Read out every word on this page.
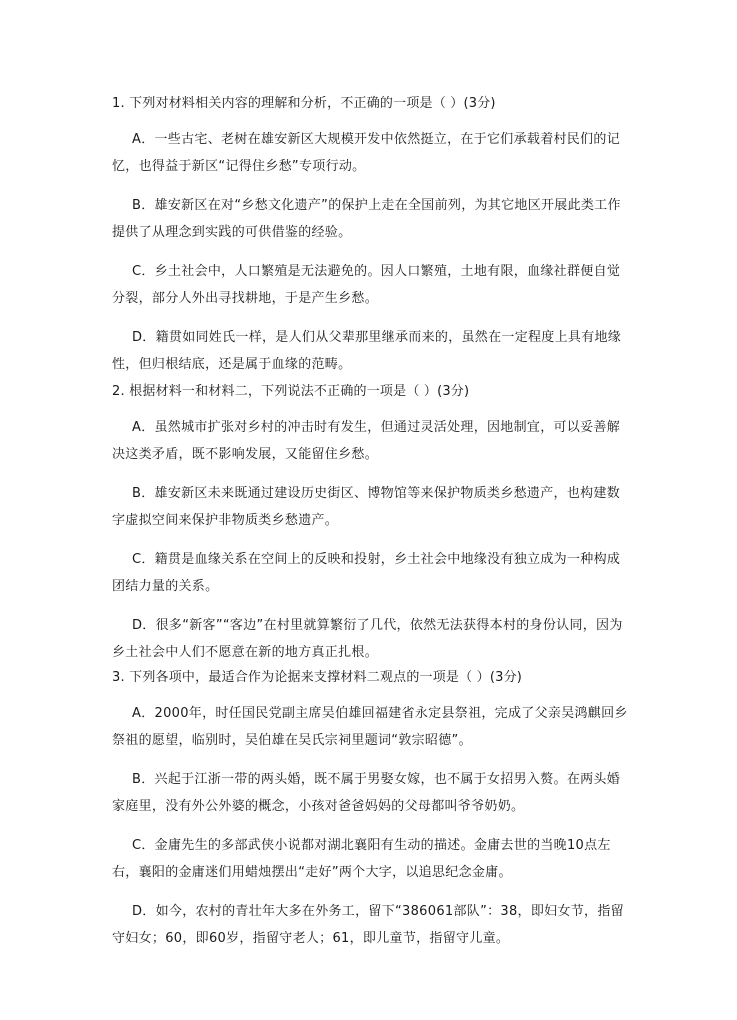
1. 下列对材料相关内容的理解和分析，不正确的一项是（ ）(3分)
A．一些古宅、老树在雄安新区大规模开发中依然挺立，在于它们承载着村民们的记忆，也得益于新区“记得住乡愁”专项行动。
B．雄安新区在对“乡愁文化遗产”的保护上走在全国前列，为其它地区开展此类工作提供了从理念到实践的可供借鉴的经验。
C．乡土社会中，人口繁殖是无法避免的。因人口繁殖，土地有限，血缘社群便自觉分裂，部分人外出寻找耕地，于是产生乡愁。
D．籍贯如同姓氏一样，是人们从父辈那里继承而来的，虽然在一定程度上具有地缘性，但归根结底，还是属于血缘的范畴。
2. 根据材料一和材料二，下列说法不正确的一项是（ ）(3分)
A．虽然城市扩张对乡村的冲击时有发生，但通过灵活处理，因地制宜，可以妥善解决这类矛盾，既不影响发展，又能留住乡愁。
B．雄安新区未来既通过建设历史街区、博物馆等来保护物质类乡愁遗产，也构建数字虚拟空间来保护非物质类乡愁遗产。
C．籍贯是血缘关系在空间上的反映和投射，乡土社会中地缘没有独立成为一种构成团结力量的关系。
D．很多“新客”“客边”在村里就算繁衍了几代，依然无法获得本村的身份认同，因为乡土社会中人们不愿意在新的地方真正扎根。
3. 下列各项中，最适合作为论据来支撑材料二观点的一项是（ ）(3分)
A．2000年，时任国民党副主席吴伯雄回福建省永定县祭祖，完成了父亲吴鸿麒回乡祭祖的愿望，临别时，吴伯雄在吴氏宗祠里题词“敦宗昭德”。
B．兴起于江浙一带的两头婚，既不属于男娶女嫁，也不属于女招男入赘。在两头婚家庭里，没有外公外婆的概念，小孩对爸爸妈妈的父母都叫爷爷奶奶。
C．金庸先生的多部武侠小说都对湖北襄阳有生动的描述。金庸去世的当晚10点左右，襄阳的金庸迷们用蜡烛摆出“走好”两个大字，以追思纪念金庸。
D．如今，农村的青壮年大多在外务工，留下“386061部队”：38，即妇女节，指留守妇女；60，即60岁，指留守老人；61，即儿童节，指留守儿童。
